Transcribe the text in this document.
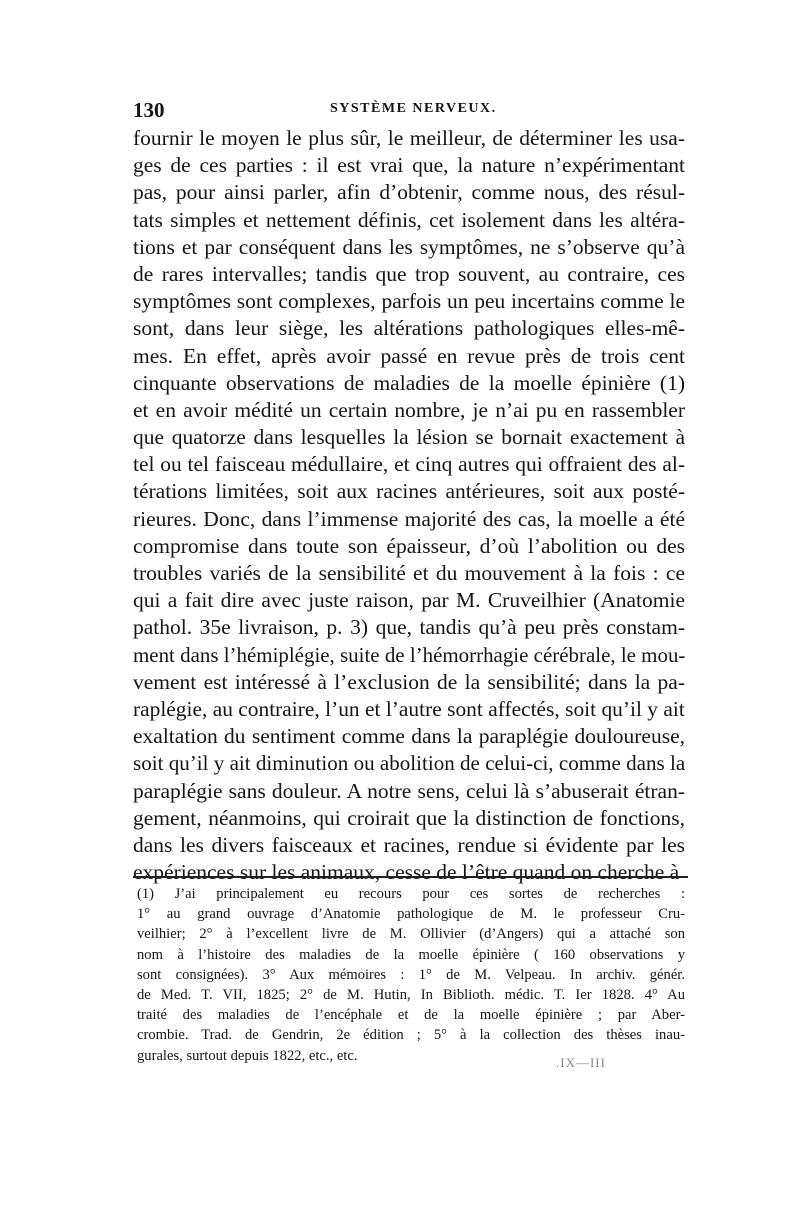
130	SYSTÈME NERVEUX.
fournir le moyen le plus sûr, le meilleur, de déterminer les usa-
ges de ces parties : il est vrai que, la nature n’expérimentant
pas, pour ainsi parler, afin d’obtenir, comme nous, des résul-
tats simples et nettement définis, cet isolement dans les altéra-
tions et par conséquent dans les symptômes, ne s’observe qu’à
de rares intervalles; tandis que trop souvent, au contraire, ces
symptômes sont complexes, parfois un peu incertains comme le
sont, dans leur siège, les altérations pathologiques elles-mê-
mes. En effet, après avoir passé en revue près de trois cent
cinquante observations de maladies de la moelle épinière (1)
et en avoir médité un certain nombre, je n’ai pu en rassembler
que quatorze dans lesquelles la lésion se bornait exactement à
tel ou tel faisceau médullaire, et cinq autres qui offraient des al-
térations limitées, soit aux racines antérieures, soit aux posté-
rieures. Donc, dans l’immense majorité des cas, la moelle a été
compromise dans toute son épaisseur, d’où l’abolition ou des
troubles variés de la sensibilité et du mouvement à la fois : ce
qui a fait dire avec juste raison, par M. Cruveilhier (Anatomie
pathol. 35e livraison, p. 3) que, tandis qu’à peu près constam-
ment dans l’hémiplégie, suite de l’hémorrhagie cérébrale, le mou-
vement est intéressé à l’exclusion de la sensibilité; dans la pa-
raplégie, au contraire, l’un et l’autre sont affectés, soit qu’il y ait
exaltation du sentiment comme dans la paraplégie douloureuse,
soit qu’il y ait diminution ou abolition de celui-ci, comme dans la
paraplégie sans douleur. A notre sens, celui là s’abuserait étran-
gement, néanmoins, qui croirait que la distinction de fonctions,
dans les divers faisceaux et racines, rendue si évidente par les
expériences sur les animaux, cesse de l’être quand on cherche à
(1) J’ai principalement eu recours pour ces sortes de recherches :
1° au grand ouvrage d’Anatomie pathologique de M. le professeur Cru-
veilhier; 2° à l’excellent livre de M. Ollivier (d’Angers) qui a attaché son
nom à l’histoire des maladies de la moelle épinière ( 160 observations y
sont consignées). 3° Aux mémoires : 1° de M. Velpeau. In archiv. génér.
de Med. T. VII, 1825; 2° de M. Hutin, In Biblioth. médic. T. Ier 1828. 4° Au
traité des maladies de l’encéphale et de la moelle épinière ; par Aber-
crombie. Trad. de Gendrin, 2e édition ; 5° à la collection des thèses inau-
gurales, surtout depuis 1822, etc., etc.	.IX—III
